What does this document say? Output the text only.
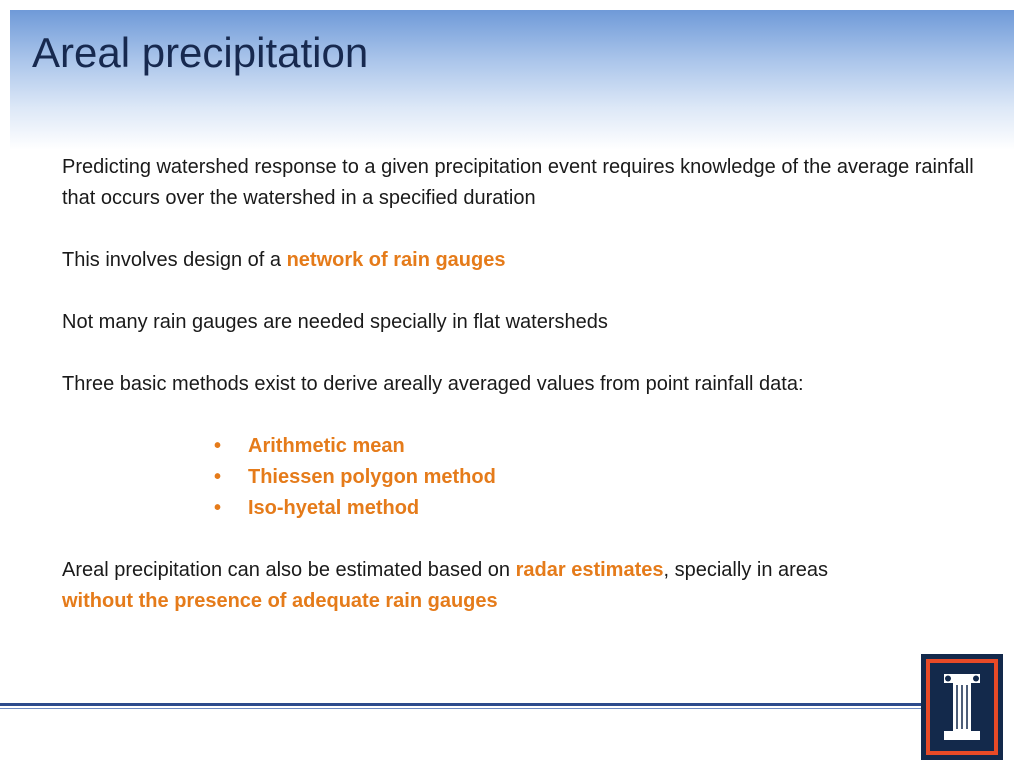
Areal precipitation

Predicting watershed response to a given precipitation event requires knowledge of the average rainfall that occurs over the watershed in a specified duration

This involves design of a network of rain gauges

Not many rain gauges are needed specially in flat watersheds

Three basic methods exist to derive areally averaged values from point rainfall data:

• Arithmetic mean
• Thiessen polygon method
• Iso-hyetal method

Areal precipitation can also be estimated based on radar estimates, specially in areas
without the presence of adequate rain gauges
